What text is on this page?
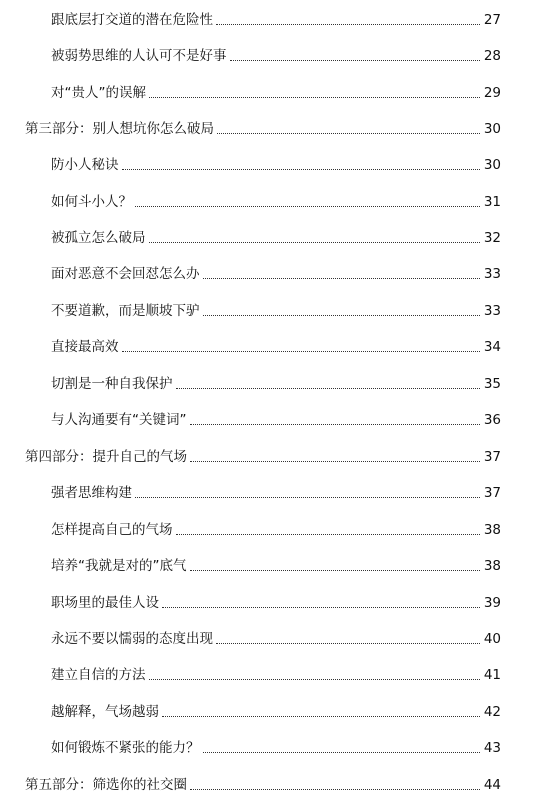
跟底层打交道的潜在危险性	27
被弱势思维的人认可不是好事	28
对“贵人”的误解	29
第三部分：别人想坑你怎么破局	30
防小人秘诀	30
如何斗小人？	31
被孤立怎么破局	32
面对恶意不会回怼怎么办	33
不要道歉，而是顺坡下驴	33
直接最高效	34
切割是一种自我保护	35
与人沟通要有“关键词”	36
第四部分：提升自己的气场	37
强者思维构建	37
怎样提高自己的气场	38
培养“我就是对的”底气	38
职场里的最佳人设	39
永远不要以懦弱的态度出现	40
建立自信的方法	41
越解释，气场越弱	42
如何锻炼不紧张的能力？	43
第五部分：筛选你的社交圈	44
